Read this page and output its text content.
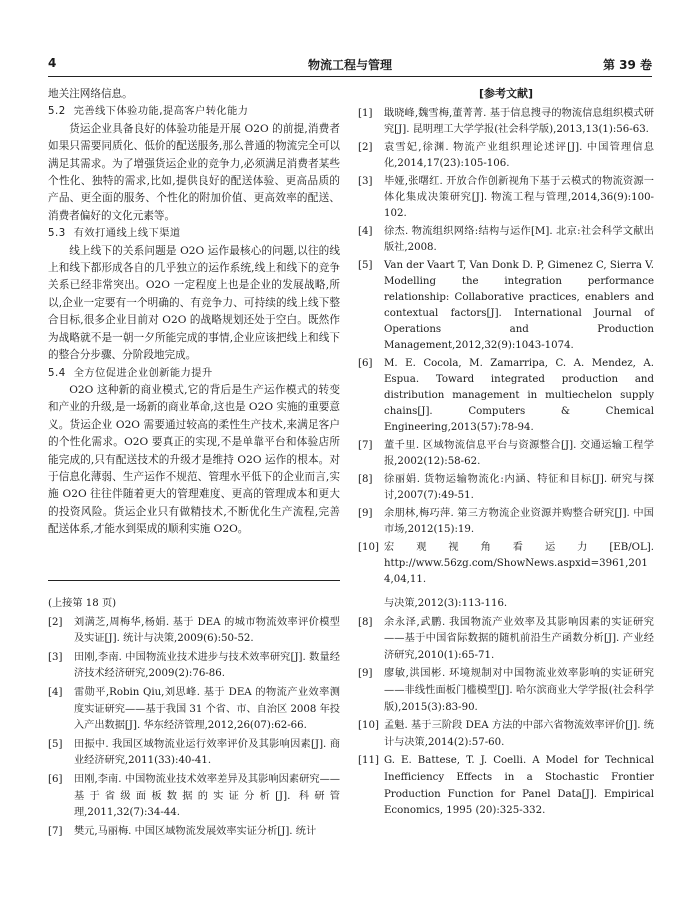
4	物流工程与管理	第 39 卷

地关注网络信息。

5.2 完善线下体验功能,提高客户转化能力

货运企业具备良好的体验功能是开展 O2O 的前提,消费者如果只需要同质化、低价的配送服务,那么普通的物流完全可以满足其需求。为了增强货运企业的竞争力,必须满足消费者某些个性化、独特的需求,比如,提供良好的配送体验、更高品质的产品、更全面的服务、个性化的附加价值、更高效率的配送、消费者偏好的文化元素等。

5.3 有效打通线上线下渠道

线上线下的关系问题是 O2O 运作最核心的问题,以往的线上和线下都形成各自的几乎独立的运作系统,线上和线下的竞争关系已经非常突出。O2O 一定程度上也是企业的发展战略,所以,企业一定要有一个明确的、有竞争力、可持续的线上线下整合目标,很多企业目前对 O2O 的战略规划还处于空白。既然作为战略就不是一朝一夕所能完成的事情,企业应该把线上和线下的整合分步骤、分阶段地完成。

5.4 全方位促进企业创新能力提升

O2O 这种新的商业模式,它的背后是生产运作模式的转变和产业的升级,是一场新的商业革命,这也是 O2O 实施的重要意义。货运企业 O2O 需要通过较高的柔性生产技术,来满足客户的个性化需求。O2O 要真正的实现,不是单靠平台和体验店所能完成的,只有配送技术的升级才是维持 O2O 运作的根本。对于信息化薄弱、生产运作不规范、管理水平低下的企业而言,实施 O2O 往往伴随着更大的管理难度、更高的管理成本和更大的投资风险。货运企业只有做精技术,不断优化生产流程,完善配送体系,才能水到渠成的顺利实施 O2O。

[参考文献]
[1]	戢晓峰,魏雪梅,董菁菁. 基于信息搜寻的物流信息组织模式研究[J]. 昆明理工大学学报(社会科学版),2013,13(1):56-63.
[2]	袁雪妃,徐渊. 物流产业组织理论述评[J]. 中国管理信息化,2014,17(23):105-106.
[3]	毕娅,张曙红. 开放合作创新视角下基于云模式的物流资源一体化集成决策研究[J]. 物流工程与管理,2014,36(9):100-102.
[4]	徐杰. 物流组织网络:结构与运作[M]. 北京:社会科学文献出版社,2008.
[5]	Van der Vaart T, Van Donk D. P, Gimenez C, Sierra V. Modelling the integration performance relationship: Collaborative practices, enablers and contextual factors[J]. International Journal of Operations and Production Management,2012,32(9):1043-1074.
[6]	M. E. Cocola, M. Zamarripa, C. A. Mendez, A. Espua. Toward integrated production and distribution management in multiechelon supply chains[J]. Computers & Chemical Engineering,2013(57):78-94.
[7]	董千里. 区域物流信息平台与资源整合[J]. 交通运输工程学报,2002(12):58-62.
[8]	徐丽娟. 货物运输物流化:内涵、特征和目标[J]. 研究与探讨,2007(7):49-51.
[9]	余朋林,梅巧萍. 第三方物流企业资源并购整合研究[J]. 中国市场,2012(15):19.
[10] 宏观视角看运力[EB/OL]. http://www.56zg.com/ShowNews.aspxid=3961,2014,04,11.
(上接第 18 页)
[2]	刘满芝,周梅华,杨娟. 基于 DEA 的城市物流效率评价模型及实证[J]. 统计与决策,2009(6):50-52.
[3]	田刚,李南. 中国物流业技术进步与技术效率研究[J]. 数量经济技术经济研究,2009(2):76-86.
[4]	雷勋平,Robin Qiu,刘思峰. 基于 DEA 的物流产业效率测度实证研究——基于我国 31 个省、市、自治区 2008 年投入产出数据[J]. 华东经济管理,2012,26(07):62-66.
[5]	田振中. 我国区域物流业运行效率评价及其影响因素[J]. 商业经济研究,2011(33):40-41.
[6]	田刚,李南. 中国物流业技术效率差异及其影响因素研究——基于省级面板数据的实证分析[J]. 科研管理,2011,32(7):34-44.
[7]	樊元,马丽梅. 中国区域物流发展效率实证分析[J]. 统计
与决策,2012(3):113-116.
[8]	余永泽,武鹏. 我国物流产业效率及其影响因素的实证研究——基于中国省际数据的随机前沿生产函数分析[J]. 产业经济研究,2010(1):65-71.
[9]	廖敏,洪国彬. 环境规制对中国物流业效率影响的实证研究——非线性面板门槛模型[J]. 哈尔滨商业大学学报(社会科学版),2015(3):83-90.
[10] 孟魁. 基于三阶段 DEA 方法的中部六省物流效率评价[J]. 统计与决策,2014(2):57-60.
[11] G. E. Battese, T. J. Coelli. A Model for Technical Inefficiency Effects in a Stochastic Frontier Production Function for Panel Data[J]. Empirical Economics, 1995 (20):325-332.
